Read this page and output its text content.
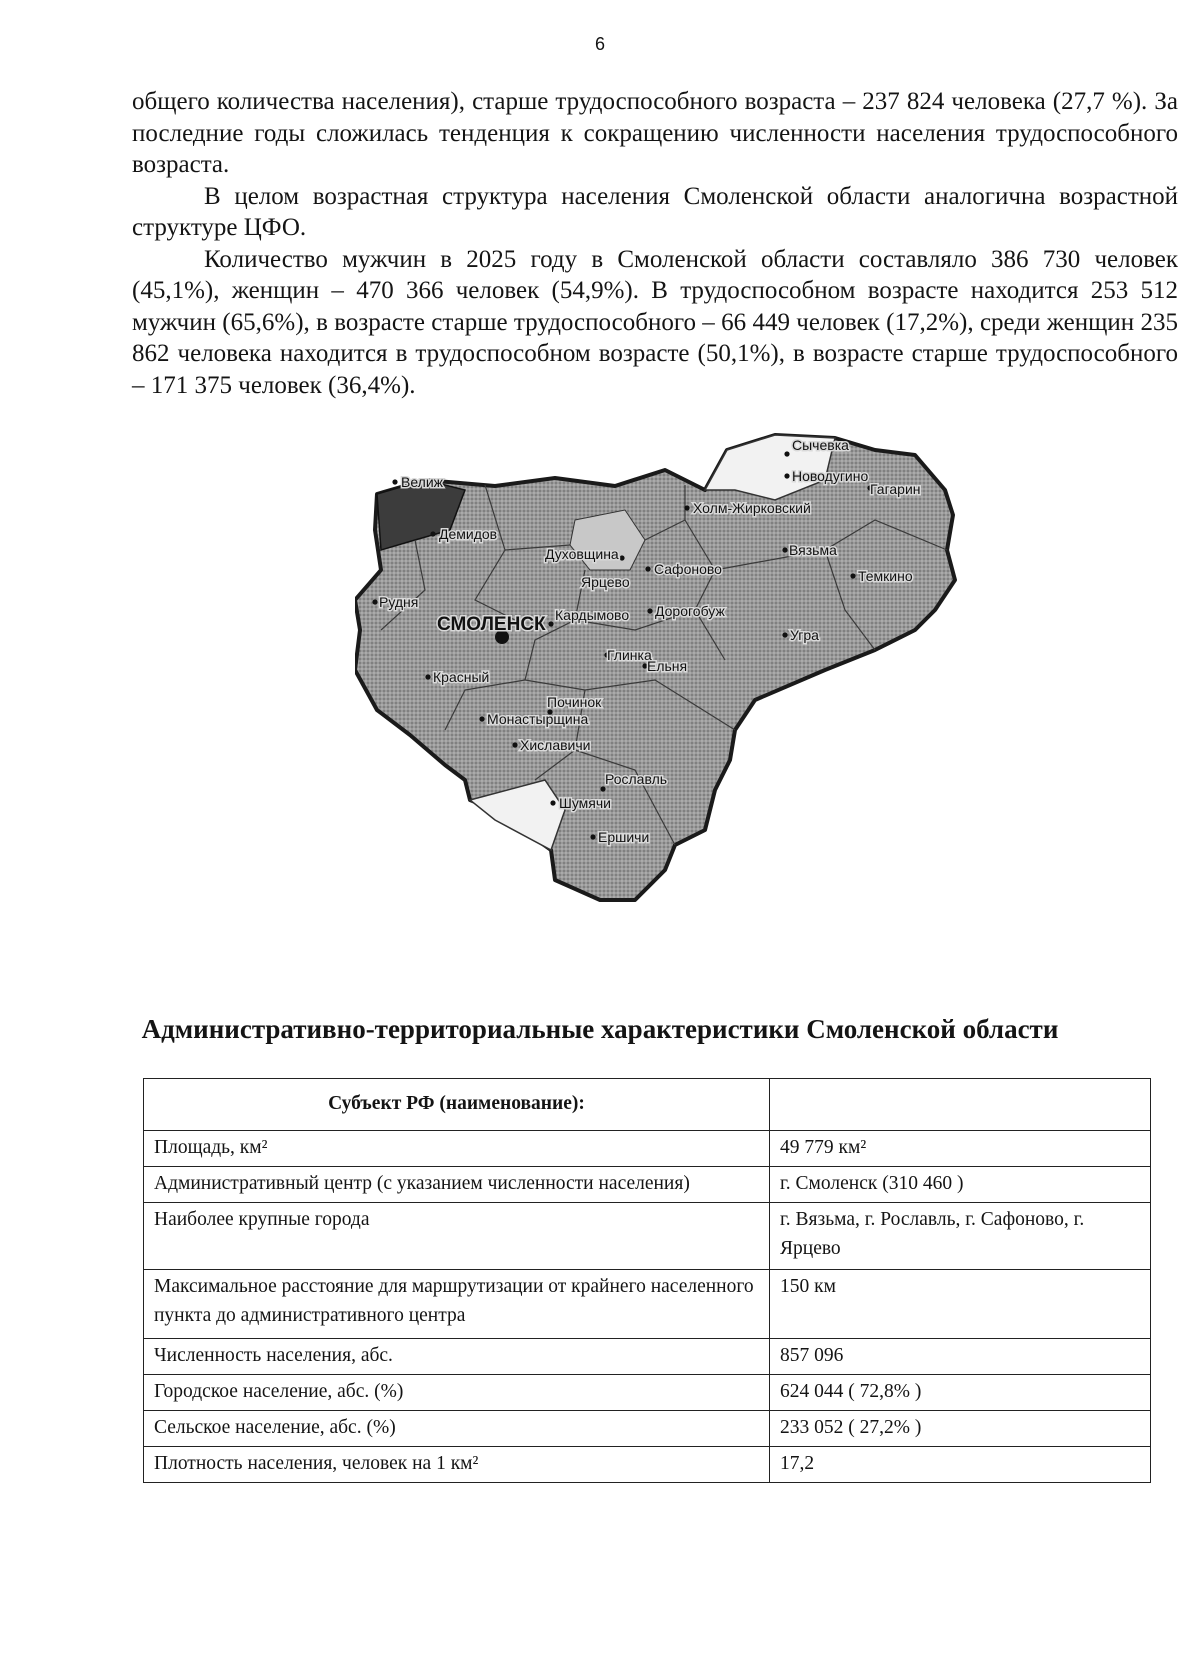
6

общего количества населения), старше трудоспособного возраста – 237 824 человека (27,7 %). За последние годы сложилась тенденция к сокращению численности населения трудоспособного возраста.

В целом возрастная структура населения Смоленской области аналогична возрастной структуре ЦФО.

Количество мужчин в 2025 году в Смоленской области составляло 386 730 человек (45,1%), женщин – 470 366 человек (54,9%). В трудоспособном возрасте находится 253 512 мужчин (65,6%), в возрасте старше трудоспособного – 66 449 человек (17,2%), среди женщин 235 862 человека находится в трудоспособном возрасте (50,1%), в возрасте старше трудоспособного – 171 375 человек (36,4%).

Сычевка
Новодугино
Гагарин
Холм-Жирковский
Велиж
Демидов
Духовщина
Сафоново
Вязьма
Темкино
Ярцево
Рудня
СМОЛЕНСК Кардымово Дорогобуж
Угра
Глинка
Ельня
Красный
Починок
Монастырщина
Хиславичи
Рославль
Шумячи
Ершичи
Административно-территориальные характеристики Смоленской области
Субъект РФ (наименование):	
Площадь, км²	49 779 км²
Административный центр (с указанием численности населения)	г. Смоленск (310 460 )
Наиболее крупные города	г. Вязьма, г. Рославль, г. Сафоново, г. Ярцево
Максимальное расстояние для маршрутизации от крайнего населенного пункта до административного центра	150 км
Численность населения, абс.	857 096
Городское население, абс. (%)	624 044 ( 72,8% )
Сельское население, абс. (%)	233 052 ( 27,2% )
Плотность населения, человек на 1 км²	17,2
